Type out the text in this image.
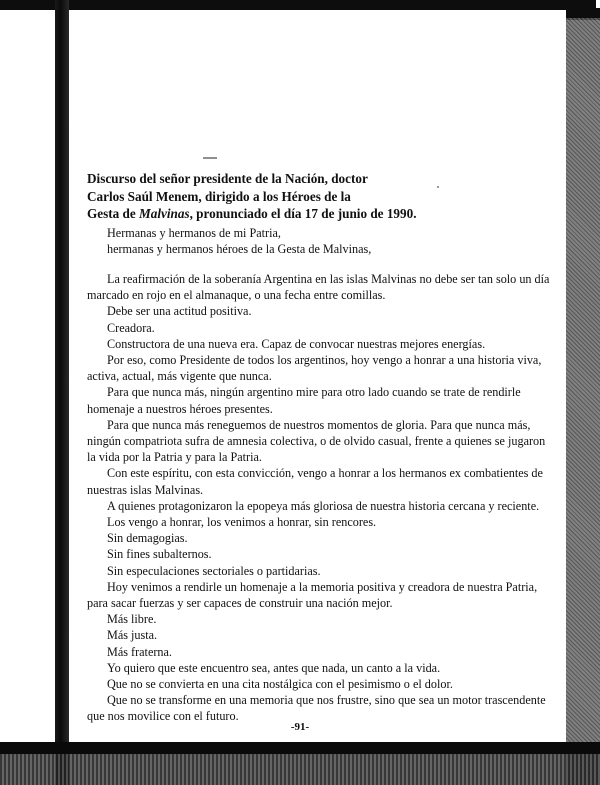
Discurso del señor presidente de la Nación, doctor
Carlos Saúl Menem, dirigido a los Héroes de la
Gesta de Malvinas, pronunciado el día 17 de junio de 1990.
Hermanas y hermanos de mi Patria,
hermanas y hermanos héroes de la Gesta de Malvinas,
La reafirmación de la soberanía Argentina en las islas Malvinas no debe ser tan solo un día marcado en rojo en el almanaque, o una fecha entre comillas.
Debe ser una actitud positiva.
Creadora.
Constructora de una nueva era. Capaz de convocar nuestras mejores energías.
Por eso, como Presidente de todos los argentinos, hoy vengo a honrar a una historia viva, activa, actual, más vigente que nunca.
Para que nunca más, ningún argentino mire para otro lado cuando se trate de rendirle homenaje a nuestros héroes presentes.
Para que nunca más reneguemos de nuestros momentos de gloria. Para que nunca más, ningún compatriota sufra de amnesia colectiva, o de olvido casual, frente a quienes se jugaron la vida por la Patria y para la Patria.
Con este espíritu, con esta convicción, vengo a honrar a los hermanos ex combatientes de nuestras islas Malvinas.
A quienes protagonizaron la epopeya más gloriosa de nuestra historia cercana y reciente.
Los vengo a honrar, los venimos a honrar, sin rencores.
Sin demagogias.
Sin fines subalternos.
Sin especulaciones sectoriales o partidarias.
Hoy venimos a rendirle un homenaje a la memoria positiva y creadora de nuestra Patria, para sacar fuerzas y ser capaces de construir una nación mejor.
Más libre.
Más justa.
Más fraterna.
Yo quiero que este encuentro sea, antes que nada, un canto a la vida.
Que no se convierta en una cita nostálgica con el pesimismo o el dolor.
Que no se transforme en una memoria que nos frustre, sino que sea un motor trascendente que nos movilice con el futuro.
-91-
